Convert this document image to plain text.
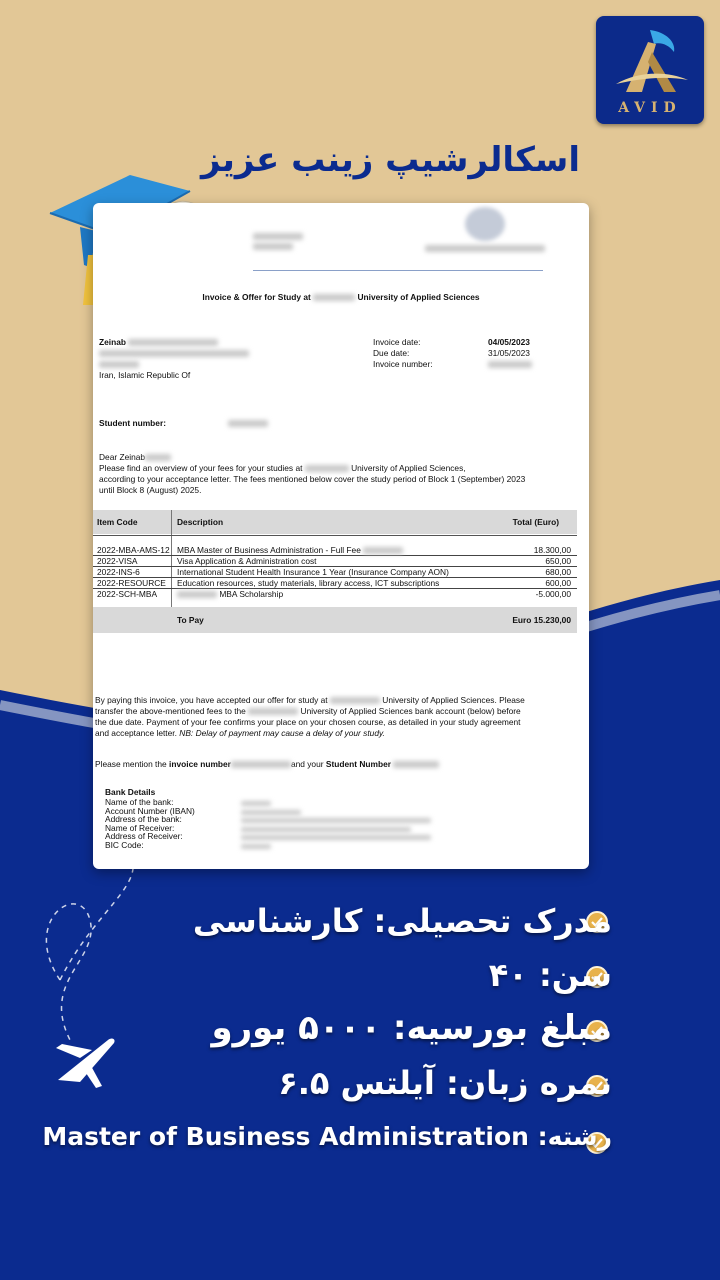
AVID
اسکالرشیپ زینب عزیز
Invoice & Offer for Study at	University of Applied Sciences
Zeinab
Iran, Islamic Republic Of
Invoice date:	04/05/2023
Due date:	31/05/2023
Invoice number:
Student number:
Dear Zeinab
Please find an overview of your fees for your studies at	University of Applied Sciences,
according to your acceptance letter. The fees mentioned below cover the study period of Block 1 (September) 2023
until Block 8 (August) 2025.
Item Code	Description	Total (Euro)
2022-MBA-AMS-12 MBA Master of Business Administration - Full Fee	18.300,00
2022-VISA	Visa Application & Administration cost	650,00
2022-INS-6	International Student Health Insurance 1 Year (Insurance Company AON)	680,00
2022-RESOURCE Education resources, study materials, library access, ICT subscriptions	600,00
2022-SCH-MBA	MBA Scholarship	-5.000,00
To Pay	Euro 15.230,00
By paying this invoice, you have accepted our offer for study at	University of Applied Sciences. Please
transfer the above-mentioned fees to the	University of Applied Sciences bank account (below) before
the due date. Payment of your fee confirms your place on your chosen course, as detailed in your study agreement
and acceptance letter. NB: Delay of payment may cause a delay of your study.
Please mention the invoice number	and your Student Number
Bank Details
Name of the bank:
Account Number (IBAN)
Address of the bank:
Name of Receiver:
Address of Receiver:
BIC Code:
مدرک تحصیلی: کارشناسی
سن: ۴۰
مبلغ بورسیه: ۵۰۰۰ یورو
نمره زبان: آیلتس ۶.۵
رشته: Master of Business Administration
